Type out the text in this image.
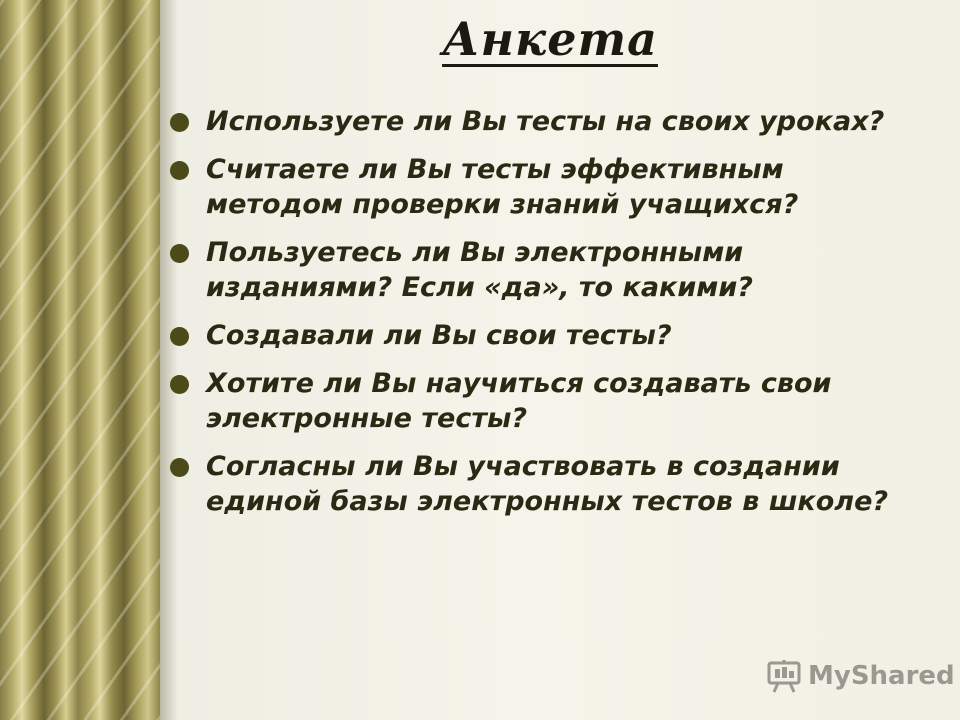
Анкета
Используете ли Вы тесты на своих уроках?
Считаете ли Вы тесты эффективным методом проверки знаний учащихся?
Пользуетесь ли Вы электронными изданиями? Если «да», то какими?
Создавали ли Вы свои тесты?
Хотите ли Вы научиться создавать свои электронные тесты?
Согласны ли Вы участвовать в создании единой базы электронных тестов в школе?
MyShared
